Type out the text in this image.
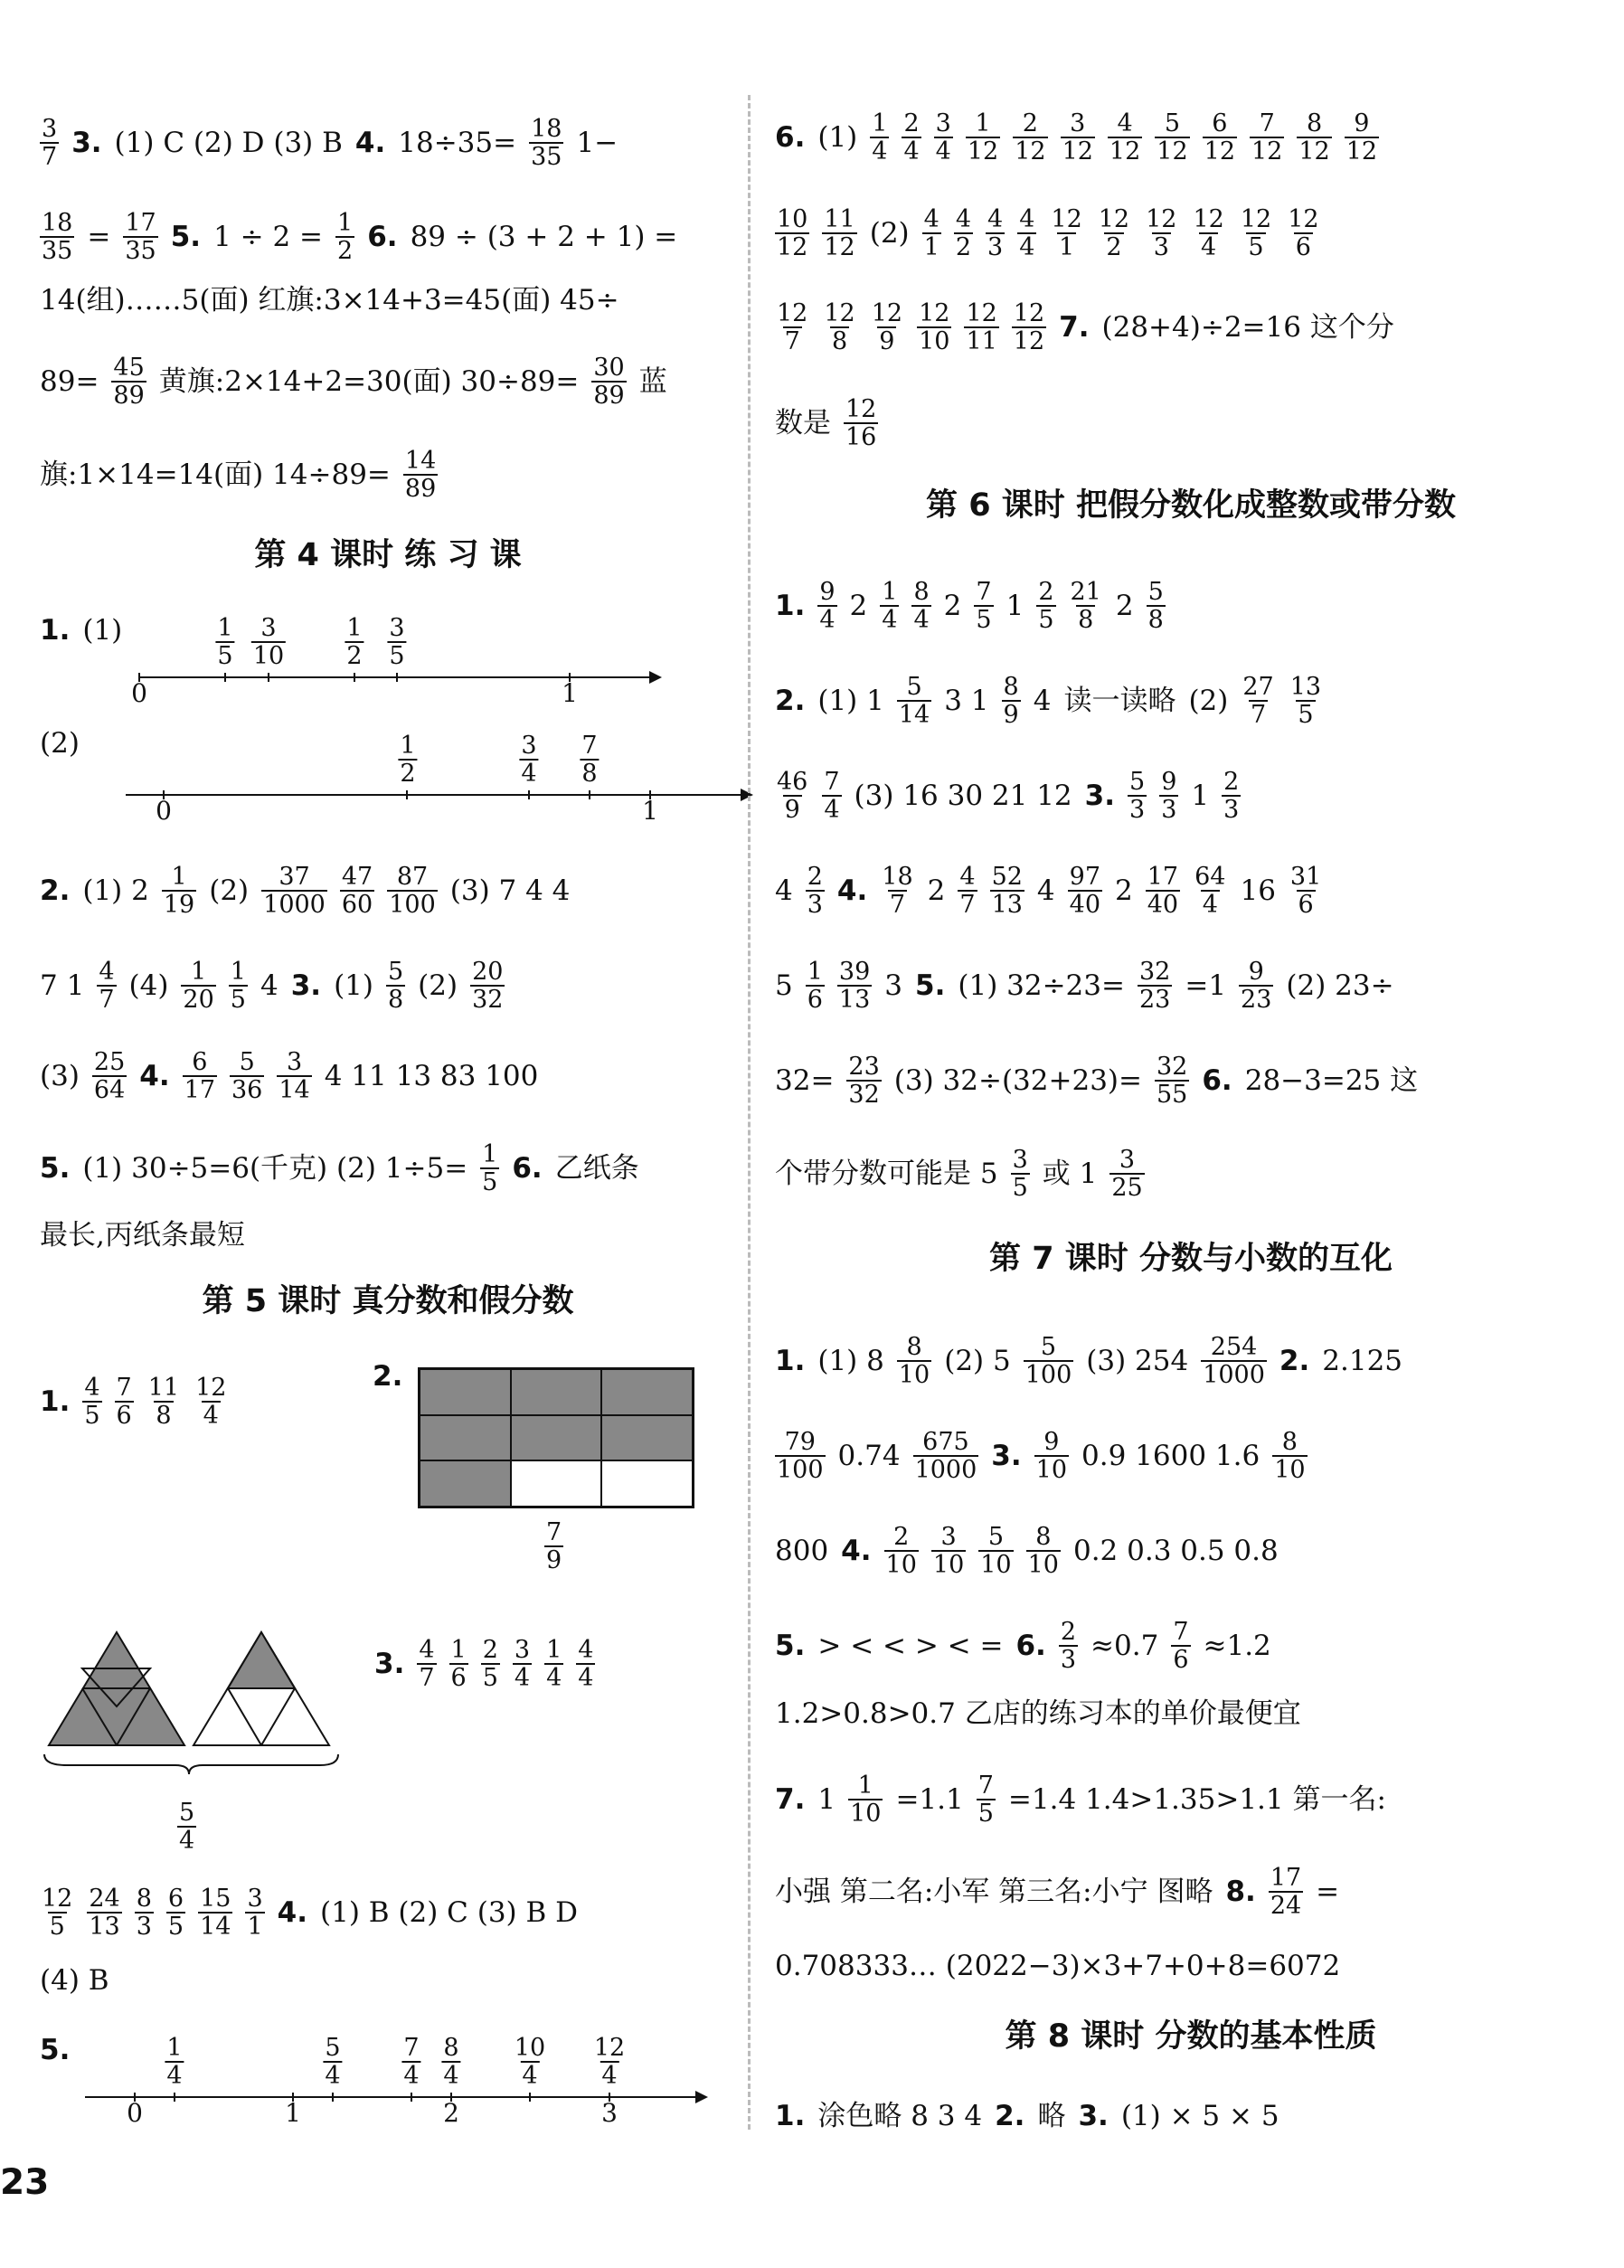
$\frac{3}{7} 3$. (1) C (2) D (3) B 4. $18\div 35= \frac{18}{35} 1-$
$\frac{18}{35} = \frac{17}{35} 5$. $1 \div 2 = \frac{1}{2} 6$. 89 ÷ (3 + 2 + 1) =
14(组)……5(面) 红旗:3×14+3=45(面) 45÷
$89= \frac{45}{89}$ 黄旗:2×14+2=30(面) $30\div 89= \frac{30}{89}$ 蓝
旗:1×14=14(面) $14\div 89= \frac{14}{89}$
第 4 课时 练 习 课
1. (1)
0	1
$\frac{1}{5} \frac{3}{10} \frac{1}{2} \frac{3}{5}$
(2)
0	1
$\frac{1}{2}$	$\frac{3}{4} \frac{7}{8}$
2. (1) $2 \frac{1}{19} (2) \frac{37}{1000} \frac{47}{60} \frac{87}{100} (3)$ 7 4 4
7 $1 \frac{4}{7} (4) \frac{1}{20} \frac{1}{5} 4$ 3. $(1) \frac{5}{8} (2) \frac{20}{32}$
$(3) \frac{25}{64} 4$. $\frac{6}{17} \frac{5}{36} \frac{3}{14} 4$ 11 13 83 100
5. (1) 30÷5=6(千克) (2) $1\div 5= \frac{1}{5} 6$. 乙纸条
最长,丙纸条最短
第 5 课时 真分数和假分数
1. $\frac{4}{5} \frac{7}{6} \frac{11}{8} \frac{12}{4}$	2.
$\frac{7}{9}$
$\frac{5}{4}$
3. $\frac{4}{7} \frac{1}{6} \frac{2}{5} \frac{3}{4} \frac{1}{4} \frac{4}{4}$
$\frac{12}{5} \frac{24}{13} \frac{8}{3} \frac{6}{5} \frac{15}{14} \frac{3}{1} 4$. (1) B (2) C (3) B D
(4) B
5.
0	1	2	3
$\frac{1}{4}$	$\frac{5}{4} \frac{7}{4} \frac{8}{4} \frac{10}{4} \frac{12}{4}$
23
6. $(1) \frac{1}{4} \frac{2}{4} \frac{3}{4} \frac{1}{12} \frac{2}{12} \frac{3}{12} \frac{4}{12} \frac{5}{12} \frac{6}{12} \frac{7}{12} \frac{8}{12} \frac{9}{12}$
$\frac{10}{12} \frac{11}{12} (2) \frac{4}{1} \frac{4}{2} \frac{4}{3} \frac{4}{4} \frac{12}{1} \frac{12}{2} \frac{12}{3} \frac{12}{4} \frac{12}{5} \frac{12}{6}$
$\frac{12}{7} \frac{12}{8} \frac{12}{9} \frac{12}{10} \frac{12}{11} \frac{12}{12} 7$. (28+4)÷2=16 这个分
数是 $\frac{12}{16}$
第 6 课时 把假分数化成整数或带分数
1. $\frac{9}{4} 2 \frac{1}{4} \frac{8}{4} 2 \frac{7}{5} 1 \frac{2}{5} \frac{21}{8} 2 \frac{5}{8}$
2. (1) $1 \frac{5}{14} 3$ $1 \frac{8}{9} 4$ 读一读略 $(2) \frac{27}{7} \frac{13}{5}$
$\frac{46}{9} \frac{7}{4} (3)$ 16 30 21 12 3. $\frac{5}{3} \frac{9}{3} 1 \frac{2}{3}$
$4 \frac{2}{3} 4$. $\frac{18}{7} 2 \frac{4}{7} \frac{52}{13} 4 \frac{97}{40} 2 \frac{17}{40} \frac{64}{4} 16 \frac{31}{6}$
$5 \frac{1}{6} \frac{39}{13} 3$ 5. (1) $32\div 23= \frac{32}{23} =1 \frac{9}{23} (2)$ 23÷
$32= \frac{23}{32} (3)$ $32\div(32+23)= \frac{32}{55} 6$. 28−3=25 这
个带分数可能是 $5 \frac{3}{5}$ 或 $1 \frac{3}{25}$
第 7 课时 分数与小数的互化
1. (1) $8 \frac{8}{10} (2)$ $5 \frac{5}{100} (3)$ $254 \frac{254}{1000} 2$. 2.125
$\frac{79}{100} 0.74 \frac{675}{1000} 3$. $\frac{9}{10} 0.9$ 1600 $1.6 \frac{8}{10}$
800 4. $\frac{2}{10} \frac{3}{10} \frac{5}{10} \frac{8}{10} 0.2$ 0.3 0.5 0.8
5. > < < > < = 6. $\frac{2}{3} \approx 0.7 \frac{7}{6} \approx 1.2$
1.2>0.8>0.7 乙店的练习本的单价最便宜
7. $1 \frac{1}{10} =1.1 \frac{7}{5} =1.4$ 1.4>1.35>1.1 第一名:
小强 第二名:小军 第三名:小宁 图略 8. $\frac{17}{24}$ =
0.708333… (2022−3)×3+7+0+8=6072
第 8 课时 分数的基本性质
1. 涂色略 8 3 4 2. 略 3. (1) × 5 × 5
